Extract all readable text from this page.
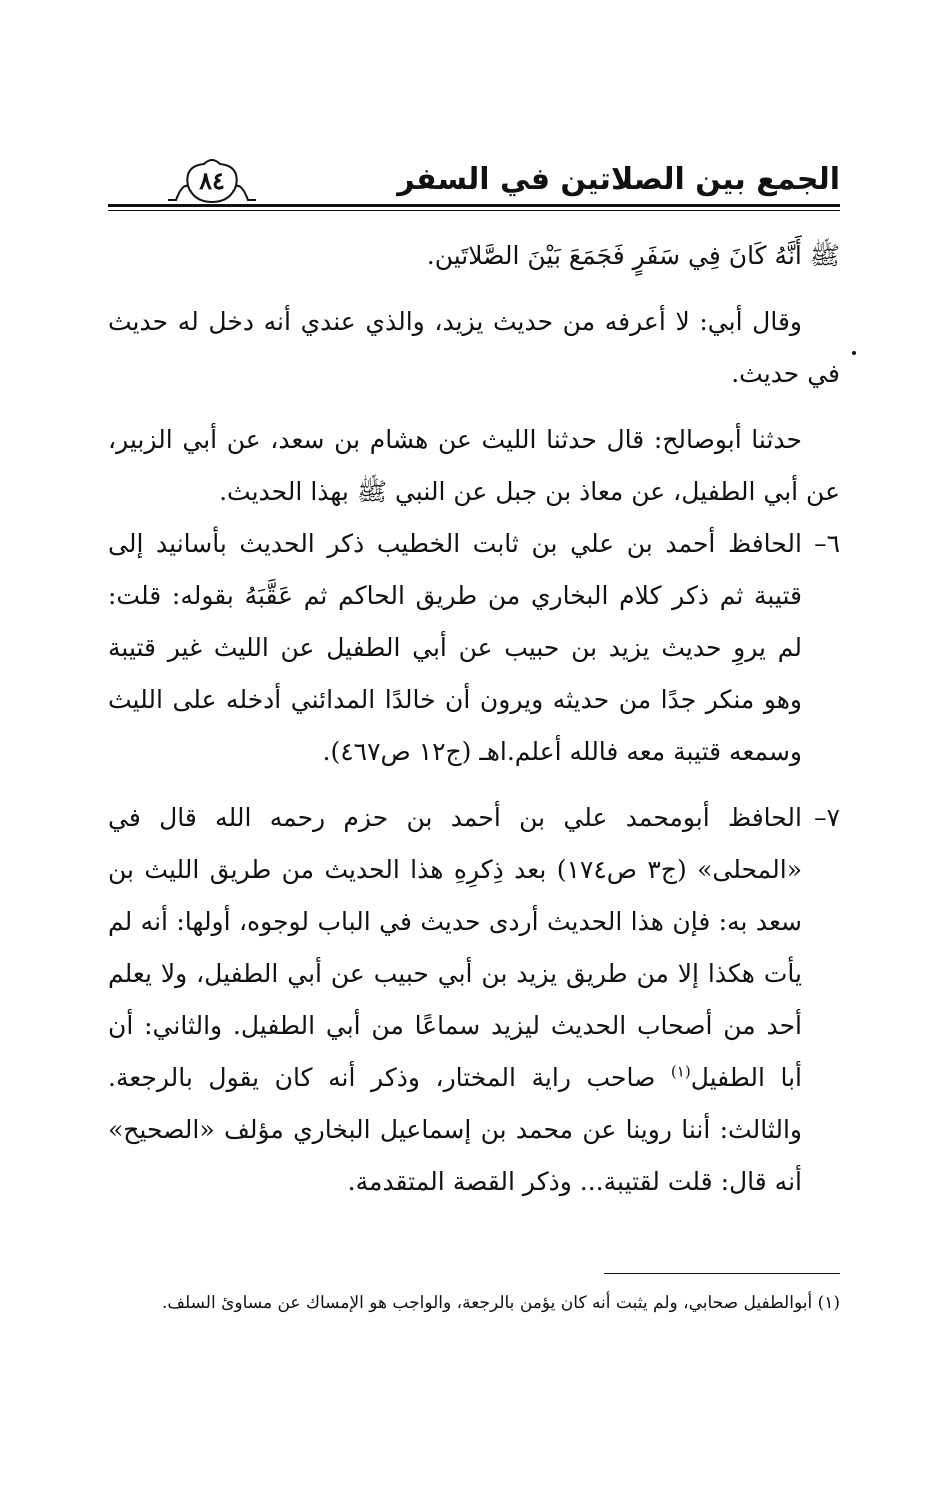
٨٤	الجمع بين الصلاتين في السفر

ﷺ أَنَّهُ كَانَ فِي سَفَرٍ فَجَمَعَ بَيْنَ الصَّلاتَين.

وقال أبي: لا أعرفه من حديث يزيد، والذي عندي أنه دخل له حديث في حديث.

حدثنا أبوصالح: قال حدثنا الليث عن هشام بن سعد، عن أبي الزبير، عن أبي الطفيل، عن معاذ بن جبل عن النبي ﷺ بهذا الحديث.

٦–
الحافظ أحمد بن علي بن ثابت الخطيب ذكر الحديث بأسانيد إلى قتيبة ثم ذكر كلام البخاري من طريق الحاكم ثم عَقَّبَهُ بقوله: قلت: لم يروِ حديث يزيد بن حبيب عن أبي الطفيل عن الليث غير قتيبة وهو منكر جدًا من حديثه ويرون أن خالدًا المدائني أدخله على الليث وسمعه قتيبة معه فالله أعلم.اهـ (ج١٢ ص٤٦٧).
٧–
الحافظ أبومحمد علي بن أحمد بن حزم رحمه الله قال في «المحلى» (ج٣ ص١٧٤) بعد ذِكرِهِ هذا الحديث من طريق الليث بن سعد به: فإن هذا الحديث أردى حديث في الباب لوجوه، أولها: أنه لم يأت هكذا إلا من طريق يزيد بن أبي حبيب عن أبي الطفيل، ولا يعلم أحد من أصحاب الحديث ليزيد سماعًا من أبي الطفيل. والثاني: أن أبا الطفيل$^{(١)}$ صاحب راية المختار، وذكر أنه كان يقول بالرجعة. والثالث: أننا روينا عن محمد بن إسماعيل البخاري مؤلف «الصحيح» أنه قال: قلت لقتيبة... وذكر القصة المتقدمة.
(١) أبوالطفيل صحابي، ولم يثبت أنه كان يؤمن بالرجعة، والواجب هو الإمساك عن مساوئ السلف.
